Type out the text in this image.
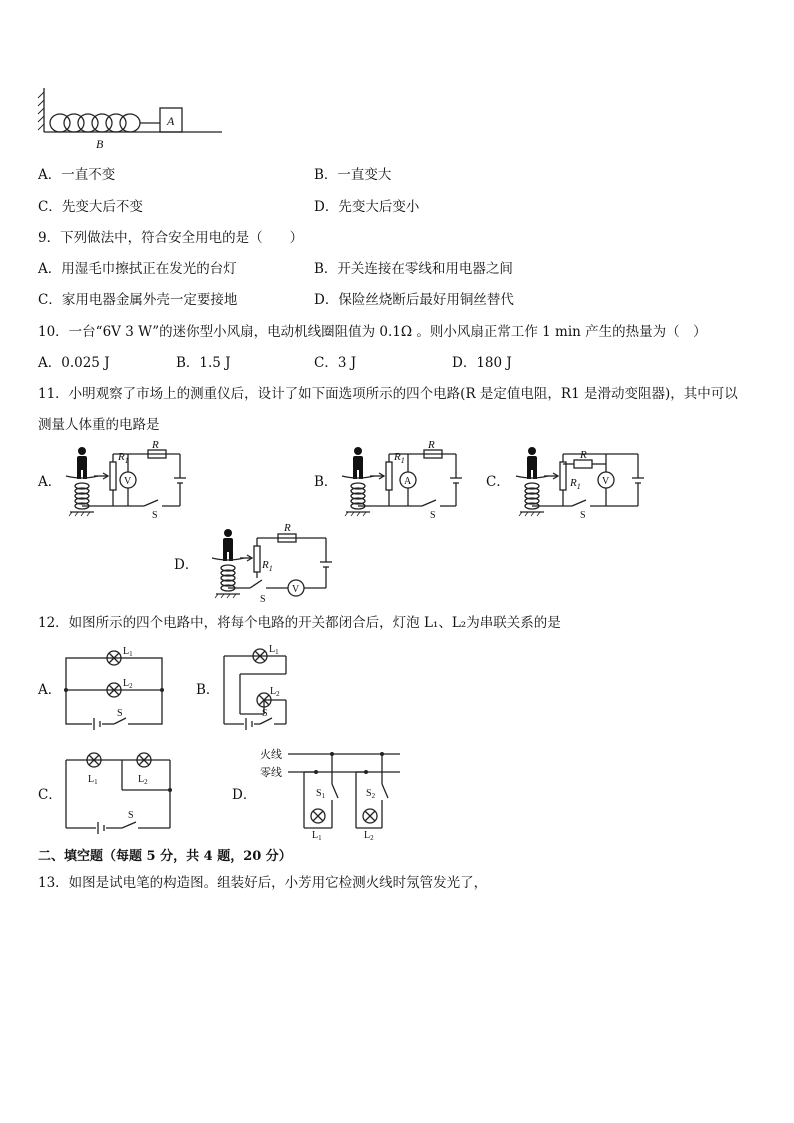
A
B
A．一直不变	B．一直变大
C．先变大后不变	D．先变大后变小
9．下列做法中，符合安全用电的是（　　）
A．用湿毛巾擦拭正在发光的台灯	B．开关连接在零线和用电器之间
C．家用电器金属外壳一定要接地	D．保险丝烧断后最好用铜丝替代
10．一台“6V 3 W”的迷你型小风扇，电动机线圈阻值为 0.1Ω 。则小风扇正常工作 1 min 产生的热量为（　）
A．0.025 J	B．1.5 J	C．3 J	D．180 J
11．小明观察了市场上的测重仪后，设计了如下面选项所示的四个电路(R 是定值电阻，R1 是滑动变阻器)，其中可以
测量人体重的电路是
A．
$R_1$
V
R
S
B．
$R_1$
A
R
S
C．	$R_1$
R
V
S
D．	$R_1$
R
V
S
12．如图所示的四个电路中，将每个电路的开关都闭合后，灯泡 L₁、L₂为串联关系的是
A．
$L_1$
$L_2$
S
B．
$L_1$
$L_2$
S
C．
$L_1$	$L_2$
S
D．
火线
零线
$S_1$
$L_1$
$S_2$
$L_2$
二、填空题（每题 5 分，共 4 题，20 分）
13．如图是试电笔的构造图。组装好后，小芳用它检测火线时氖管发光了，
